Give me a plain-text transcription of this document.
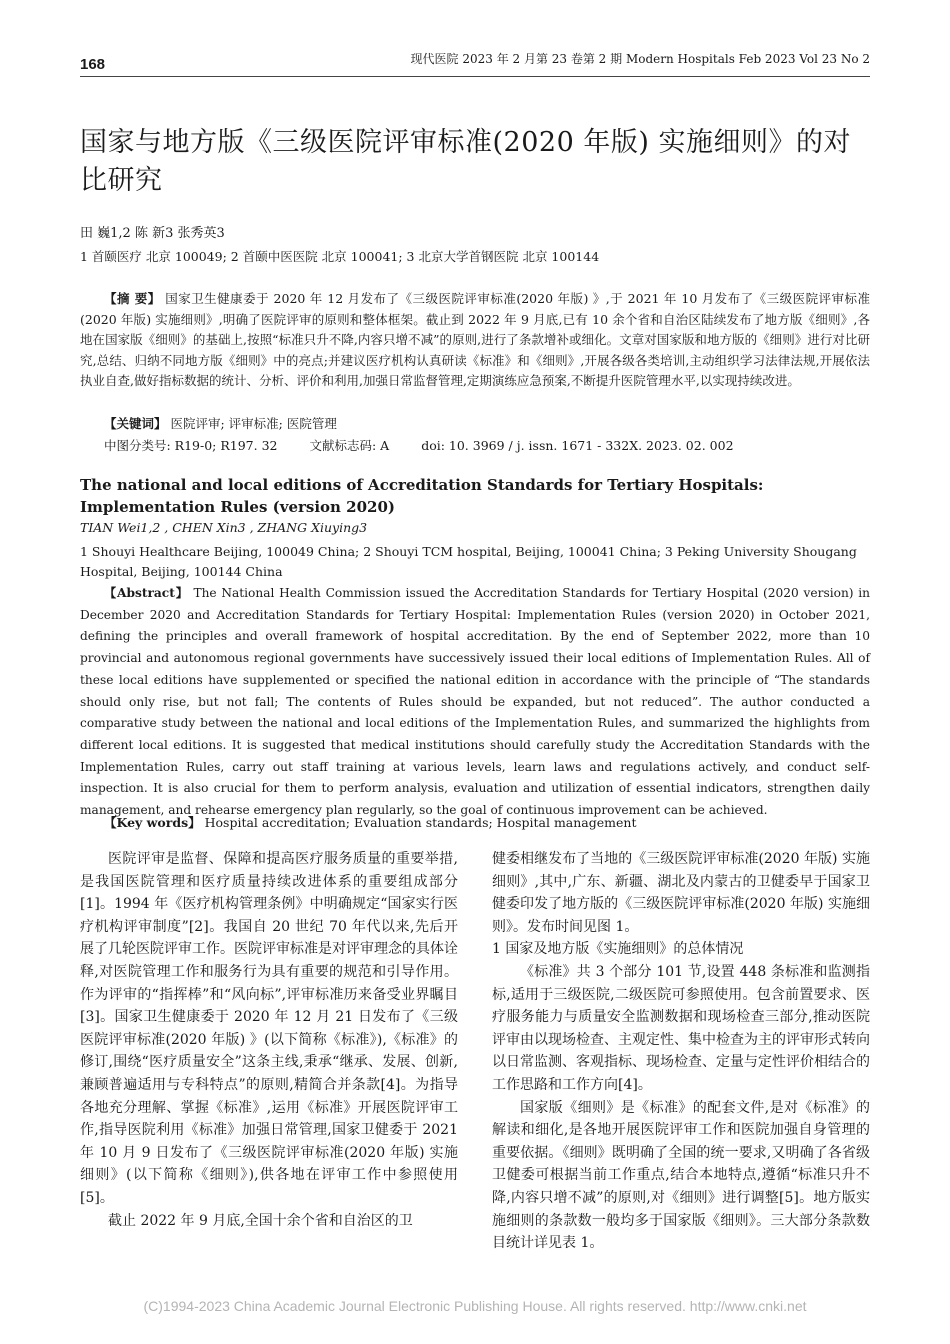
168	现代医院 2023 年 2 月第 23 卷第 2 期 Modern Hospitals Feb 2023 Vol 23 No 2
国家与地方版《三级医院评审标准(2020 年版) 实施细则》的对比研究
田 巍1,2 陈 新3 张秀英3
1 首颐医疗 北京 100049; 2 首颐中医医院 北京 100041; 3 北京大学首钢医院 北京 100144
【摘 要】 国家卫生健康委于 2020 年 12 月发布了《三级医院评审标准(2020 年版) 》,于 2021 年 10 月发布了《三级医院评审标准(2020 年版) 实施细则》,明确了医院评审的原则和整体框架。截止到 2022 年 9 月底,已有 10 余个省和自治区陆续发布了地方版《细则》,各地在国家版《细则》的基础上,按照“标准只升不降,内容只增不减”的原则,进行了条款增补或细化。文章对国家版和地方版的《细则》进行对比研究,总结、归纳不同地方版《细则》中的亮点;并建议医疗机构认真研读《标准》和《细则》,开展各级各类培训,主动组织学习法律法规,开展依法执业自查,做好指标数据的统计、分析、评价和利用,加强日常监督管理,定期演练应急预案,不断提升医院管理水平,以实现持续改进。
【关键词】 医院评审; 评审标准; 医院管理
中图分类号: R19-0; R197. 32	文献标志码: A	doi: 10. 3969 / j. issn. 1671 - 332X. 2023. 02. 002
The national and local editions of Accreditation Standards for Tertiary Hospitals: Implementation Rules (version 2020)
TIAN Wei1,2 , CHEN Xin3 , ZHANG Xiuying3
1 Shouyi Healthcare Beijing, 100049 China; 2 Shouyi TCM hospital, Beijing, 100041 China; 3 Peking University Shougang Hospital, Beijing, 100144 China
【Abstract】 The National Health Commission issued the Accreditation Standards for Tertiary Hospital (2020 version) in December 2020 and Accreditation Standards for Tertiary Hospital: Implementation Rules (version 2020) in October 2021, defining the principles and overall framework of hospital accreditation. By the end of September 2022, more than 10 provincial and autonomous regional governments have successively issued their local editions of Implementation Rules. All of these local editions have supplemented or specified the national edition in accordance with the principle of “The standards should only rise, but not fall; The contents of Rules should be expanded, but not reduced”. The author conducted a comparative study between the national and local editions of the Implementation Rules, and summarized the highlights from different local editions. It is suggested that medical institutions should carefully study the Accreditation Standards with the Implementation Rules, carry out staff training at various levels, learn laws and regulations actively, and conduct self-inspection. It is also crucial for them to perform analysis, evaluation and utilization of essential indicators, strengthen daily management, and rehearse emergency plan regularly, so the goal of continuous improvement can be achieved.
【Key words】 Hospital accreditation; Evaluation standards; Hospital management

医院评审是监督、保障和提高医疗服务质量的重要举措,是我国医院管理和医疗质量持续改进体系的重要组成部分[1]。1994 年《医疗机构管理条例》中明确规定“国家实行医疗机构评审制度”[2]。我国自 20 世纪 70 年代以来,先后开展了几轮医院评审工作。医院评审标准是对评审理念的具体诠释,对医院管理工作和服务行为具有重要的规范和引导作用。作为评审的“指挥棒”和“风向标”,评审标准历来备受业界瞩目[3]。国家卫生健康委于 2020 年 12 月 21 日发布了《三级医院评审标准(2020 年版) 》(以下简称《标准》),《标准》的修订,围绕“医疗质量安全”这条主线,秉承“继承、发展、创新,兼顾普遍适用与专科特点”的原则,精简合并条款[4]。为指导各地充分理解、掌握《标准》,运用《标准》开展医院评审工作,指导医院利用《标准》加强日常管理,国家卫健委于 2021 年 10 月 9 日发布了《三级医院评审标准(2020 年版) 实施细则》(以下简称《细则》),供各地在评审工作中参照使用[5]。

截止 2022 年 9 月底,全国十余个省和自治区的卫

健委相继发布了当地的《三级医院评审标准(2020 年版) 实施细则》,其中,广东、新疆、湖北及内蒙古的卫健委早于国家卫健委印发了地方版的《三级医院评审标准(2020 年版) 实施细则》。发布时间见图 1。

1 国家及地方版《实施细则》的总体情况

《标准》共 3 个部分 101 节,设置 448 条标准和监测指标,适用于三级医院,二级医院可参照使用。包含前置要求、医疗服务能力与质量安全监测数据和现场检查三部分,推动医院评审由以现场检查、主观定性、集中检查为主的评审形式转向以日常监测、客观指标、现场检查、定量与定性评价相结合的工作思路和工作方向[4]。

国家版《细则》是《标准》的配套文件,是对《标准》的解读和细化,是各地开展医院评审工作和医院加强自身管理的重要依据。《细则》既明确了全国的统一要求,又明确了各省级卫健委可根据当前工作重点,结合本地特点,遵循“标准只升不降,内容只增不减”的原则,对《细则》进行调整[5]。地方版实施细则的条款数一般均多于国家版《细则》。三大部分条款数目统计详见表 1。

(C)1994-2023 China Academic Journal Electronic Publishing House. All rights reserved. http://www.cnki.net
